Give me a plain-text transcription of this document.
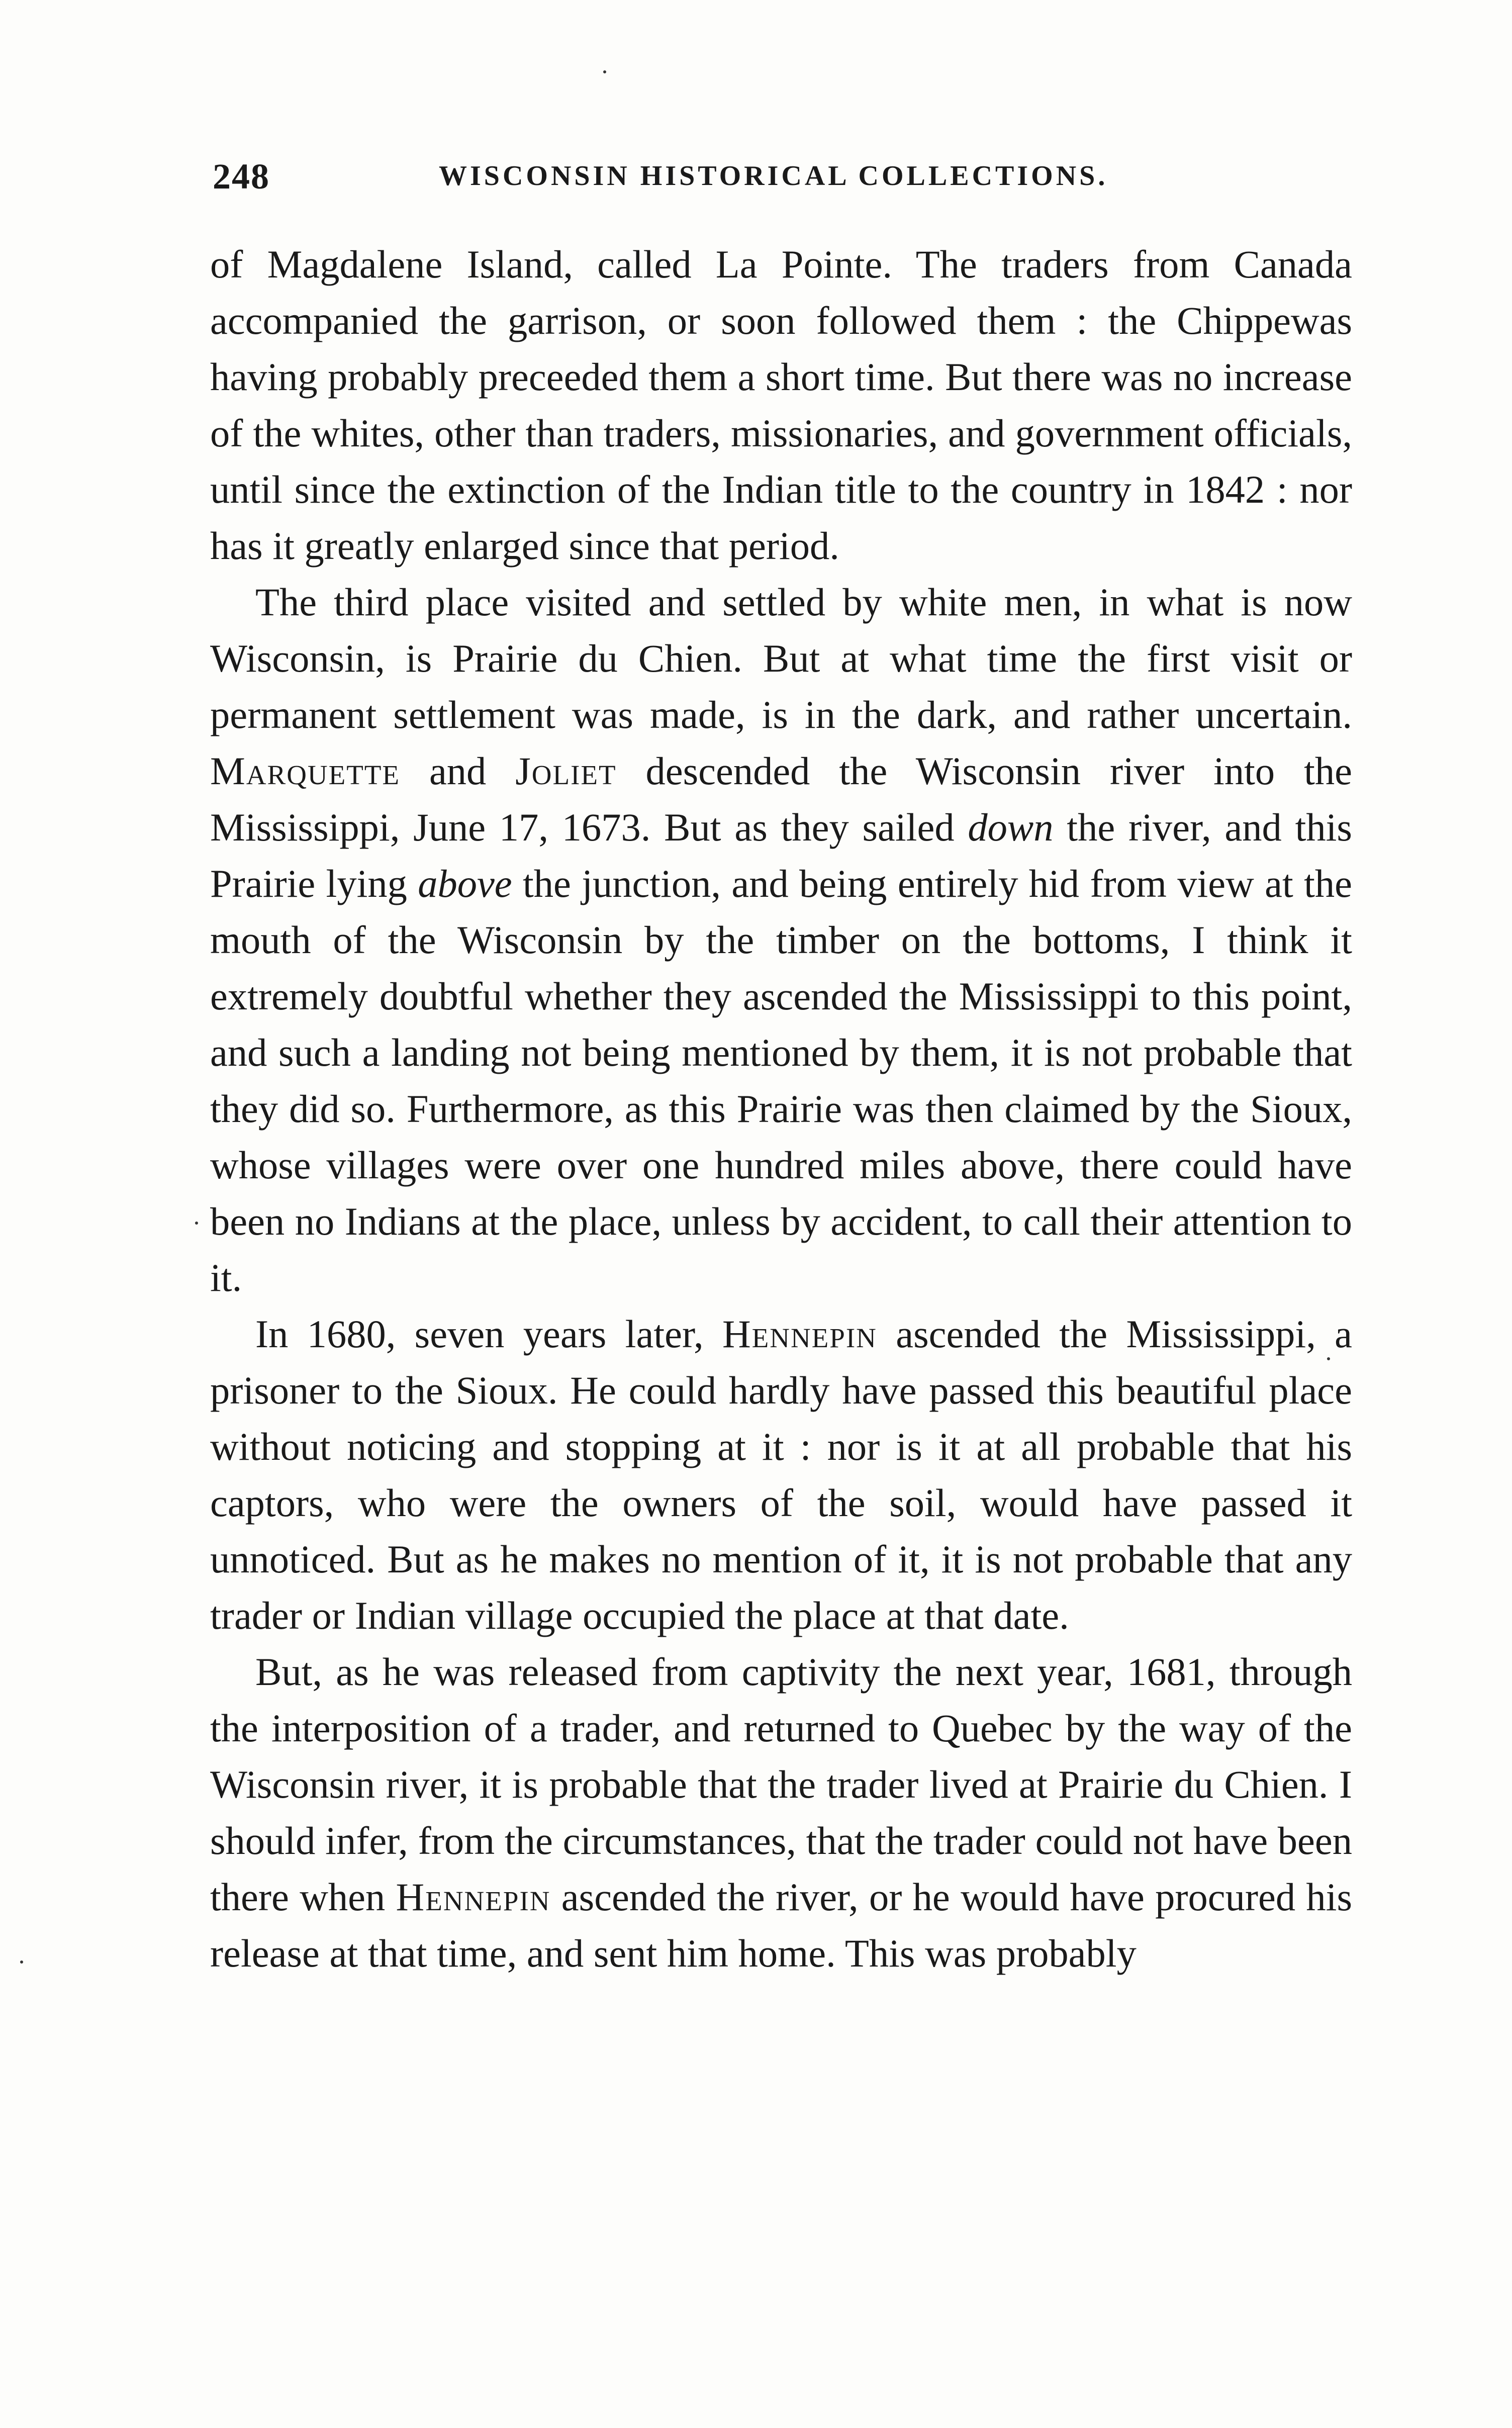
248	WISCONSIN HISTORICAL COLLECTIONS.

of Magdalene Island, called La Pointe. The traders from Canada accompanied the garrison, or soon followed them : the Chippewas having probably preceeded them a short time. But there was no increase of the whites, other than traders, missionaries, and government officials, until since the extinction of the Indian title to the country in 1842 : nor has it greatly enlarged since that period.

The third place visited and settled by white men, in what is now Wisconsin, is Prairie du Chien. But at what time the first visit or permanent settlement was made, is in the dark, and rather uncertain. Marquette and Joliet descended the Wisconsin river into the Mississippi, June 17, 1673. But as they sailed down the river, and this Prairie lying above the junction, and being entirely hid from view at the mouth of the Wisconsin by the timber on the bottoms, I think it extremely doubtful whether they ascended the Mississippi to this point, and such a landing not being mentioned by them, it is not probable that they did so. Furthermore, as this Prairie was then claimed by the Sioux, whose villages were over one hundred miles above, there could have been no Indians at the place, unless by accident, to call their attention to it.

In 1680, seven years later, Hennepin ascended the Mississippi, a prisoner to the Sioux. He could hardly have passed this beautiful place without noticing and stopping at it : nor is it at all probable that his captors, who were the owners of the soil, would have passed it unnoticed. But as he makes no mention of it, it is not probable that any trader or Indian village occupied the place at that date.

But, as he was released from captivity the next year, 1681, through the interposition of a trader, and returned to Quebec by the way of the Wisconsin river, it is probable that the trader lived at Prairie du Chien. I should infer, from the circumstances, that the trader could not have been there when Hennepin ascended the river, or he would have procured his release at that time, and sent him home. This was probably
